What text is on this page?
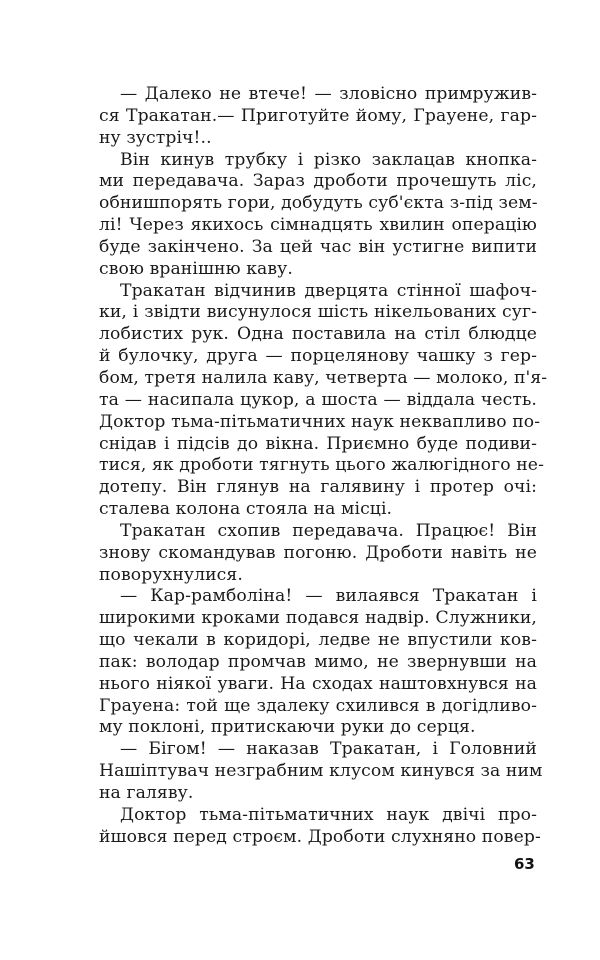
— Далеко не втече! — зловісно примружив-
ся Тракатан.— Приготуйте йому, Грауене, гар-
ну зустріч!..
Він кинув трубку і різко заклацав кнопка-
ми передавача. Зараз дроботи прочешуть ліс,
обнишпорять гори, добудуть суб'єкта з-під зем-
лі! Через якихось сімнадцять хвилин операцію
буде закінчено. За цей час він устигне випити
свою вранішню каву.
Тракатан відчинив дверцята стінної шафоч-
ки, і звідти висунулося шість нікельованих суг-
лобистих рук. Одна поставила на стіл блюдце
й булочку, друга — порцелянову чашку з гер-
бом, третя налила каву, четверта — молоко, п'я-
та — насипала цукор, а шоста — віддала честь.
Доктор тьма-пітьматичних наук неквапливо по-
снідав і підсів до вікна. Приємно буде подиви-
тися, як дроботи тягнуть цього жалюгідного не-
дотепу. Він глянув на галявину і протер очі:
сталева колона стояла на місці.
Тракатан схопив передавача. Працює! Він
знову скомандував погоню. Дроботи навіть не
поворухнулися.
— Кар-рамболіна! — вилаявся Тракатан і
широкими кроками подався надвір. Служники,
що чекали в коридорі, ледве не впустили ков-
пак: володар промчав мимо, не звернувши на
нього ніякої уваги. На сходах наштовхнувся на
Грауена: той ще здалеку схилився в догідливо-
му поклоні, притискаючи руки до серця.
— Бігом! — наказав Тракатан, і Головний
Нашіптувач незграбним клусом кинувся за ним
на галяву.
Доктор тьма-пітьматичних наук двічі про-
йшовся перед строєм. Дроботи слухняно повер-
63
